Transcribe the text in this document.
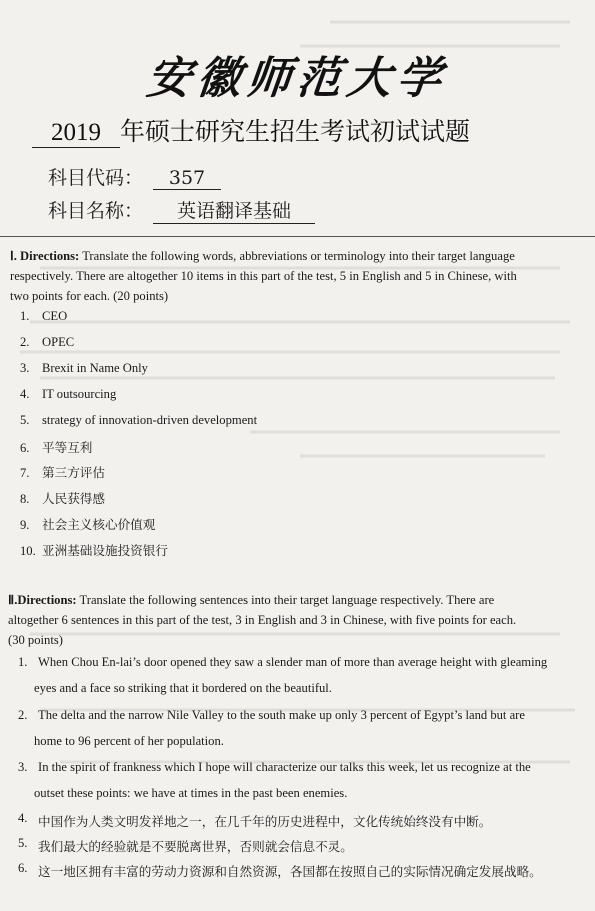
安徽师范大学
2019 年硕士研究生招生考试初试试题
科目代码： 357
科目名称： 英语翻译基础
Ⅰ. Directions: Translate the following words, abbreviations or terminology into their target language
respectively. There are altogether 10 items in this part of the test, 5 in English and 5 in Chinese, with
two points for each. (20 points)
1. CEO
2. OPEC
3. Brexit in Name Only
4. IT outsourcing
5. strategy of innovation-driven development
6. 平等互利
7. 第三方评估
8. 人民获得感
9. 社会主义核心价值观
10. 亚洲基础设施投资银行
Ⅱ.Directions: Translate the following sentences into their target language respectively. There are
altogether 6 sentences in this part of the test, 3 in English and 3 in Chinese, with five points for each.
(30 points)
1. When Chou En-lai’s door opened they saw a slender man of more than average height with gleaming
eyes and a face so striking that it bordered on the beautiful.
2. The delta and the narrow Nile Valley to the south make up only 3 percent of Egypt’s land but are
home to 96 percent of her population.
3. In the spirit of frankness which I hope will characterize our talks this week, let us recognize at the
outset these points: we have at times in the past been enemies.
4. 中国作为人类文明发祥地之一，在几千年的历史进程中，文化传统始终没有中断。
5. 我们最大的经验就是不要脱离世界，否则就会信息不灵。
6. 这一地区拥有丰富的劳动力资源和自然资源，各国都在按照自己的实际情况确定发展战略。
